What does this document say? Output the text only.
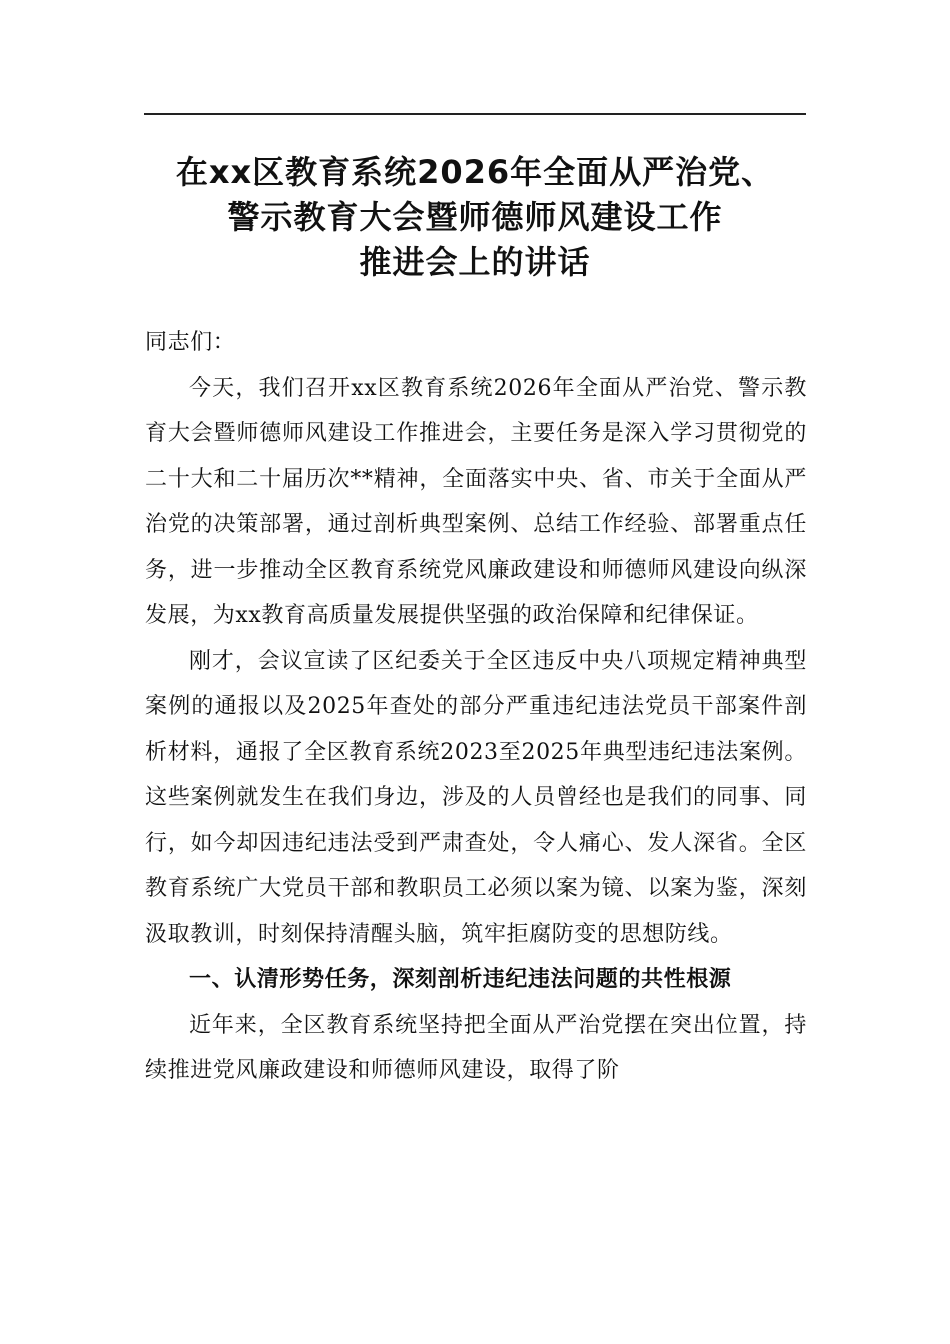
在xx区教育系统2026年全面从严治党、
警示教育大会暨师德师风建设工作
推进会上的讲话

同志们：

今天，我们召开xx区教育系统2026年全面从严治党、警示教育大会暨师德师风建设工作推进会，主要任务是深入学习贯彻党的二十大和二十届历次**精神，全面落实中央、省、市关于全面从严治党的决策部署，通过剖析典型案例、总结工作经验、部署重点任务，进一步推动全区教育系统党风廉政建设和师德师风建设向纵深发展，为xx教育高质量发展提供坚强的政治保障和纪律保证。

刚才，会议宣读了区纪委关于全区违反中央八项规定精神典型案例的通报以及2025年查处的部分严重违纪违法党员干部案件剖析材料，通报了全区教育系统2023至2025年典型违纪违法案例。这些案例就发生在我们身边，涉及的人员曾经也是我们的同事、同行，如今却因违纪违法受到严肃查处，令人痛心、发人深省。全区教育系统广大党员干部和教职员工必须以案为镜、以案为鉴，深刻汲取教训，时刻保持清醒头脑，筑牢拒腐防变的思想防线。

一、认清形势任务，深刻剖析违纪违法问题的共性根源

近年来，全区教育系统坚持把全面从严治党摆在突出位置，持续推进党风廉政建设和师德师风建设，取得了阶
